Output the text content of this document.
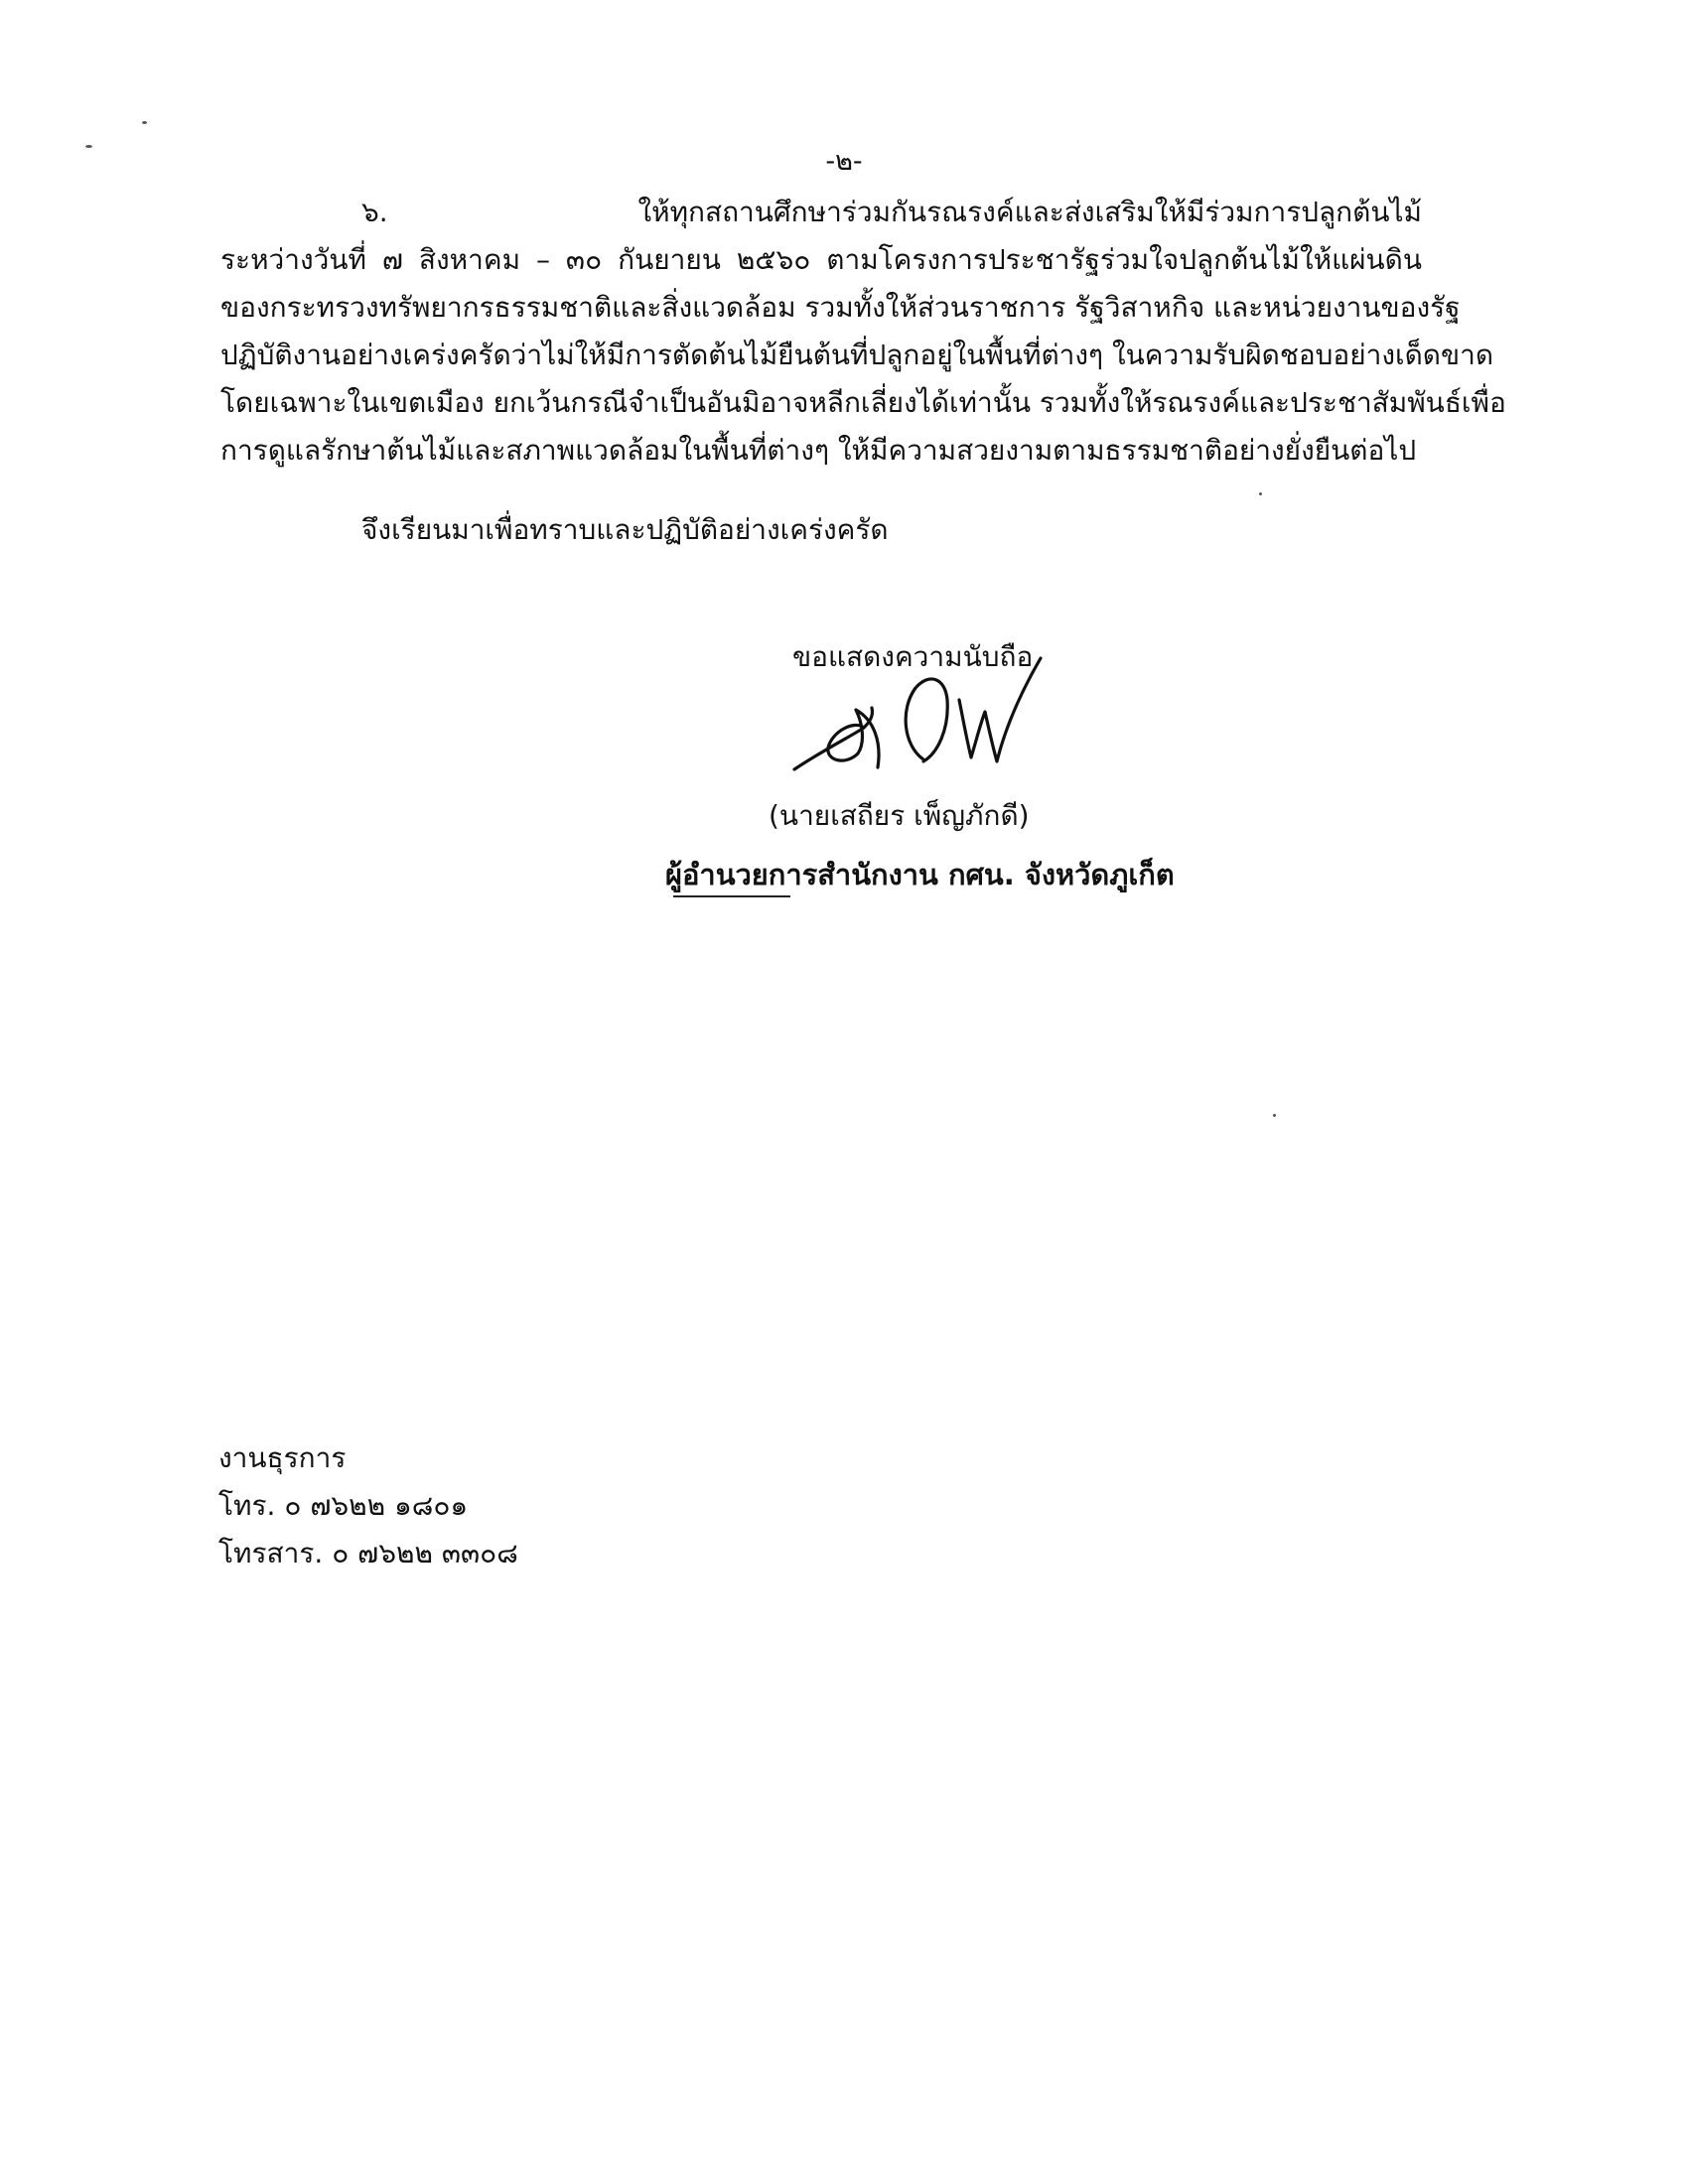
-๒-
๖. ให้ทุกสถานศึกษาร่วมกันรณรงค์และส่งเสริมให้มีร่วมการปลูกต้นไม้
ระหว่างวันที่ ๗ สิงหาคม – ๓๐ กันยายน ๒๕๖๐ ตามโครงการประชารัฐร่วมใจปลูกต้นไม้ให้แผ่นดิน
ของกระทรวงทรัพยากรธรรมชาติและสิ่งแวดล้อม รวมทั้งให้ส่วนราชการ รัฐวิสาหกิจ และหน่วยงานของรัฐ
ปฏิบัติงานอย่างเคร่งครัดว่าไม่ให้มีการตัดต้นไม้ยืนต้นที่ปลูกอยู่ในพื้นที่ต่างๆ ในความรับผิดชอบอย่างเด็ดขาด
โดยเฉพาะในเขตเมือง ยกเว้นกรณีจำเป็นอันมิอาจหลีกเลี่ยงได้เท่านั้น รวมทั้งให้รณรงค์และประชาสัมพันธ์เพื่อ
การดูแลรักษาต้นไม้และสภาพแวดล้อมในพื้นที่ต่างๆ ให้มีความสวยงามตามธรรมชาติอย่างยั่งยืนต่อไป
จึงเรียนมาเพื่อทราบและปฏิบัติอย่างเคร่งครัด
ขอแสดงความนับถือ
(นายเสถียร เพ็ญภักดี)
ผู้อำนวยการสำนักงาน กศน. จังหวัดภูเก็ต
งานธุรการ
โทร. ๐ ๗๖๒๒ ๑๘๐๑
โทรสาร. ๐ ๗๖๒๒ ๓๓๐๘
